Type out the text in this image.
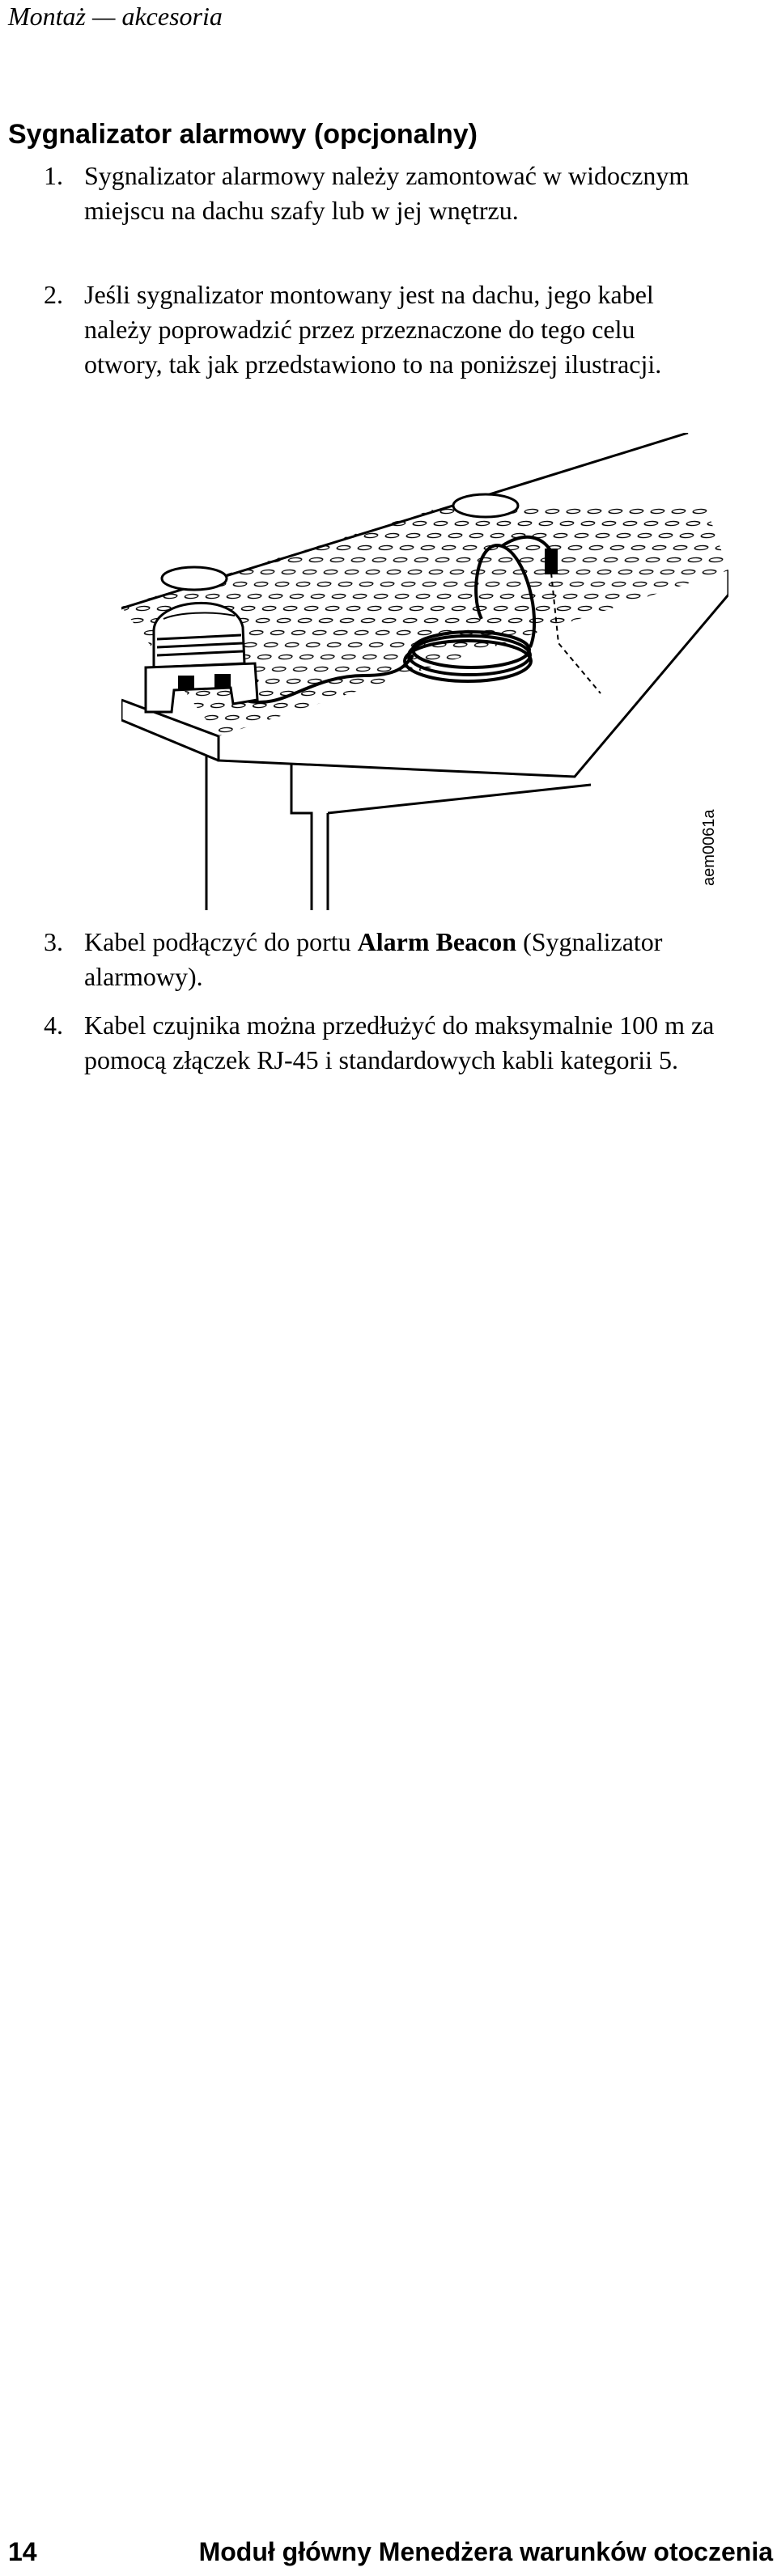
Montaż — akcesoria
Sygnalizator alarmowy (opcjonalny)

1. Sygnalizator alarmowy należy zamontować w widocznym miejscu na dachu szafy lub w jej wnętrzu.

2. Jeśli sygnalizator montowany jest na dachu, jego kabel należy poprowadzić przez przeznaczone do tego celu otwory, tak jak przedstawiono to na poniższej ilustracji.

aem0061a

3. Kabel podłączyć do portu Alarm Beacon (Sygnalizator alarmowy).

4. Kabel czujnika można przedłużyć do maksymalnie 100 m za pomocą złączek RJ-45 i standardowych kabli kategorii 5.

14	Moduł główny Menedżera warunków otoczenia
